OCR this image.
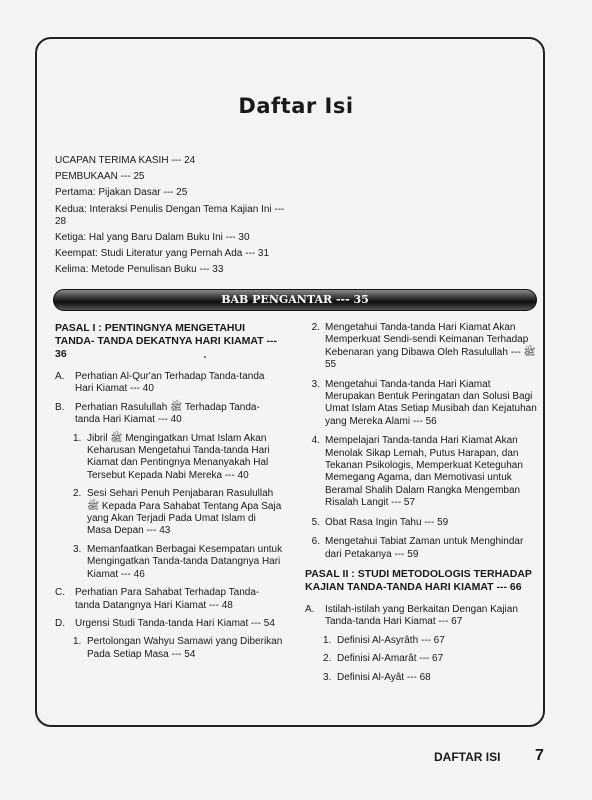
Daftar Isi
UCAPAN TERIMA KASIH --- 24
PEMBUKAAN --- 25
Pertama: Pijakan Dasar --- 25
Kedua: Interaksi Penulis Dengan Tema Kajian Ini --- 28
Ketiga: Hal yang Baru Dalam Buku Ini --- 30
Keempat: Studi Literatur yang Pernah Ada --- 31
Kelima: Metode Penulisan Buku --- 33
BAB PENGANTAR --- 35
PASAL I : PENTINGNYA MENGETAHUI TANDA- TANDA DEKATNYA HARI KIAMAT --- 36
A.	Perhatian Al-Qur'an Terhadap Tanda-tanda Hari Kiamat --- 40
B.	Perhatian Rasulullah ﷺ Terhadap Tanda-tanda Hari Kiamat --- 40
1. Jibril ﷺ Mengingatkan Umat Islam Akan Keharusan Mengetahui Tanda-tanda Hari Kiamat dan Pentingnya Menanyakah Hal Tersebut Kepada Nabi Mereka --- 40
2. Sesi Sehari Penuh Penjabaran Rasulullah ﷺ Kepada Para Sahabat Tentang Apa Saja yang Akan Terjadi Pada Umat Islam di Masa Depan --- 43
3. Memanfaatkan Berbagai Kesempatan untuk Mengingatkan Tanda-tanda Datangnya Hari Kiamat --- 46
C.	Perhatian Para Sahabat Terhadap Tanda-tanda Datangnya Hari Kiamat --- 48
D.	Urgensi Studi Tanda-tanda Hari Kiamat --- 54
1. Pertolongan Wahyu Samawi yang Diberikan Pada Setiap Masa --- 54
2. Mengetahui Tanda-tanda Hari Kiamat Akan Memperkuat Sendi-sendi Keimanan Terhadap Kebenaran yang Dibawa Oleh Rasulullah ﷺ --- 55
3. Mengetahui Tanda-tanda Hari Kiamat Merupakan Bentuk Peringatan dan Solusi Bagi Umat Islam Atas Setiap Musibah dan Kejatuhan yang Mereka Alami --- 56
4. Mempelajari Tanda-tanda Hari Kiamat Akan Menolak Sikap Lemah, Putus Harapan, dan Tekanan Psikologis, Memperkuat Keteguhan Memegang Agama, dan Memotivasi untuk Beramal Shalih Dalam Rangka Mengemban Risalah Langit --- 57
5. Obat Rasa Ingin Tahu --- 59
6. Mengetahui Tabiat Zaman untuk Menghindar dari Petakanya --- 59
PASAL II : STUDI METODOLOGIS TERHADAP KAJIAN TANDA-TANDA HARI KIAMAT --- 66
A.	Istilah-istilah yang Berkaitan Dengan Kajian Tanda-tanda Hari Kiamat --- 67
1. Definisi Al-Asyrâth --- 67
2. Definisi Al-Amarât --- 67
3. Definisi Al-Ayât --- 68
DAFTAR ISI 7
